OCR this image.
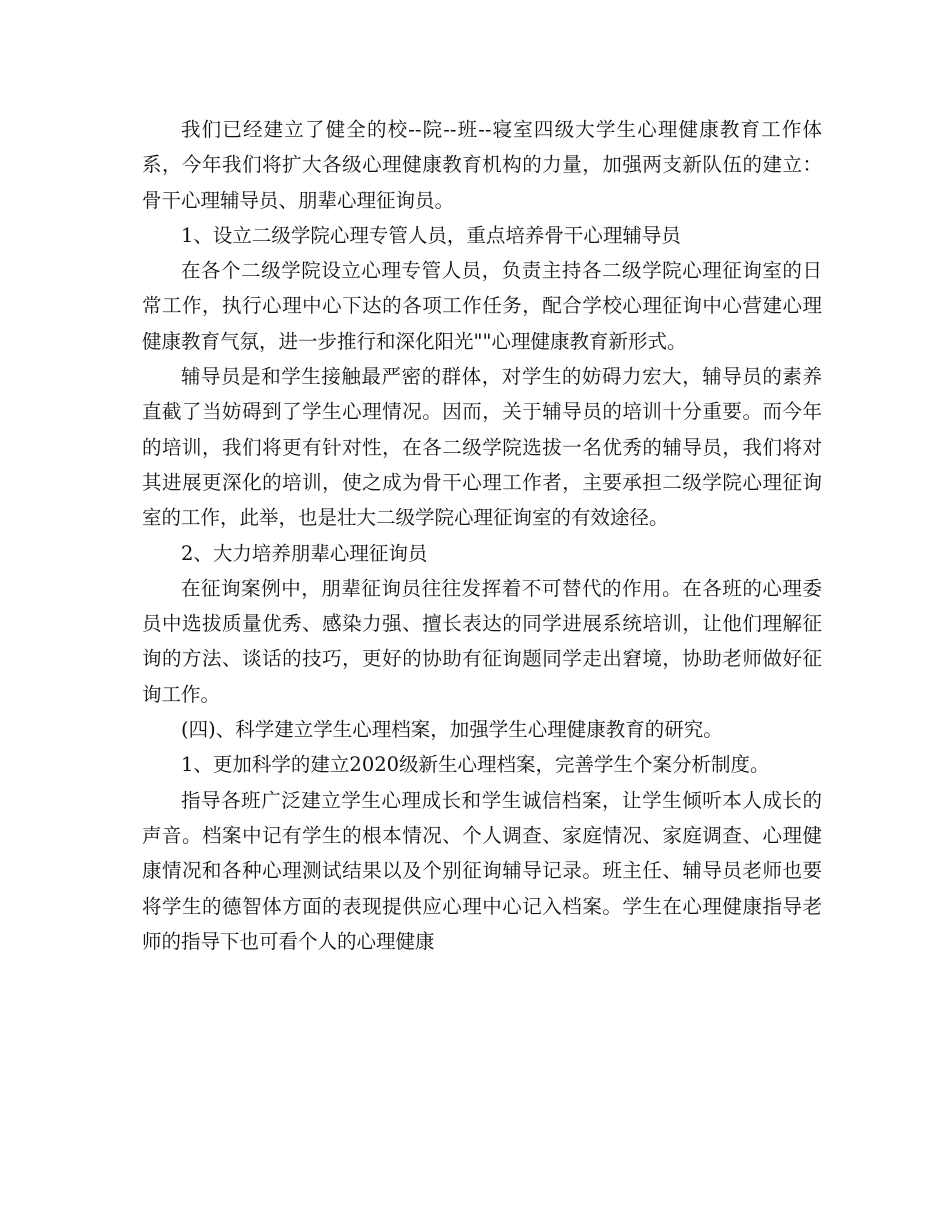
我们已经建立了健全的校--院--班--寝室四级大学生心理健康教育工作体系，今年我们将扩大各级心理健康教育机构的力量，加强两支新队伍的建立：骨干心理辅导员、朋辈心理征询员。

1、设立二级学院心理专管人员，重点培养骨干心理辅导员

在各个二级学院设立心理专管人员，负责主持各二级学院心理征询室的日常工作，执行心理中心下达的各项工作任务，配合学校心理征询中心营建心理健康教育气氛，进一步推行和深化阳光""心理健康教育新形式。

辅导员是和学生接触最严密的群体，对学生的妨碍力宏大，辅导员的素养直截了当妨碍到了学生心理情况。因而，关于辅导员的培训十分重要。而今年的培训，我们将更有针对性，在各二级学院选拔一名优秀的辅导员，我们将对其进展更深化的培训，使之成为骨干心理工作者，主要承担二级学院心理征询室的工作，此举，也是壮大二级学院心理征询室的有效途径。

2、大力培养朋辈心理征询员

在征询案例中，朋辈征询员往往发挥着不可替代的作用。在各班的心理委员中选拔质量优秀、感染力强、擅长表达的同学进展系统培训，让他们理解征询的方法、谈话的技巧，更好的协助有征询题同学走出窘境，协助老师做好征询工作。

(四)、科学建立学生心理档案，加强学生心理健康教育的研究。

1、更加科学的建立2020级新生心理档案，完善学生个案分析制度。

指导各班广泛建立学生心理成长和学生诚信档案，让学生倾听本人成长的声音。档案中记有学生的根本情况、个人调查、家庭情况、家庭调查、心理健康情况和各种心理测试结果以及个别征询辅导记录。班主任、辅导员老师也要将学生的德智体方面的表现提供应心理中心记入档案。学生在心理健康指导老师的指导下也可看个人的心理健康
